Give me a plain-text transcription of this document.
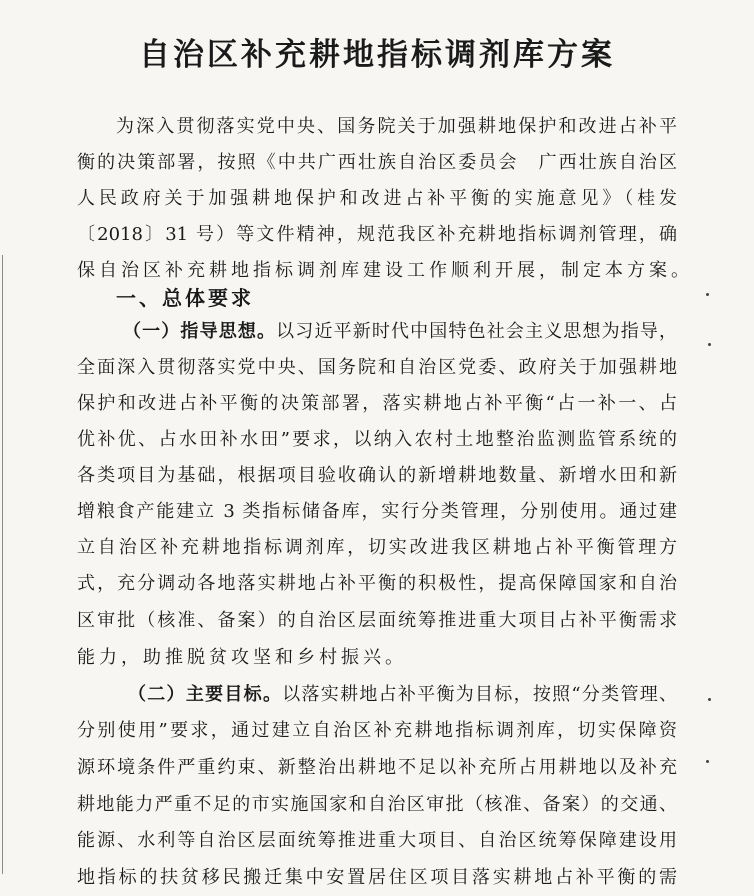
自治区补充耕地指标调剂库方案
为深入贯彻落实党中央、国务院关于加强耕地保护和改进占补平
衡的决策部署，按照《中共广西壮族自治区委员会　广西壮族自治区
人民政府关于加强耕地保护和改进占补平衡的实施意见》（桂发
〔2018〕31 号）等文件精神，规范我区补充耕地指标调剂管理，确
保自治区补充耕地指标调剂库建设工作顺利开展，制定本方案。
一、总体要求
（一）指导思想。以习近平新时代中国特色社会主义思想为指导，
全面深入贯彻落实党中央、国务院和自治区党委、政府关于加强耕地
保护和改进占补平衡的决策部署，落实耕地占补平衡“占一补一、占
优补优、占水田补水田”要求，以纳入农村土地整治监测监管系统的
各类项目为基础，根据项目验收确认的新增耕地数量、新增水田和新
增粮食产能建立 3 类指标储备库，实行分类管理，分别使用。通过建
立自治区补充耕地指标调剂库，切实改进我区耕地占补平衡管理方
式，充分调动各地落实耕地占补平衡的积极性，提高保障国家和自治
区审批（核准、备案）的自治区层面统筹推进重大项目占补平衡需求
能力，助推脱贫攻坚和乡村振兴。
（二）主要目标。以落实耕地占补平衡为目标，按照“分类管理、
分别使用”要求，通过建立自治区补充耕地指标调剂库，切实保障资
源环境条件严重约束、新整治出耕地不足以补充所占用耕地以及补充
耕地能力严重不足的市实施国家和自治区审批（核准、备案）的交通、
能源、水利等自治区层面统筹推进重大项目、自治区统筹保障建设用
地指标的扶贫移民搬迁集中安置居住区项目落实耕地占补平衡的需
